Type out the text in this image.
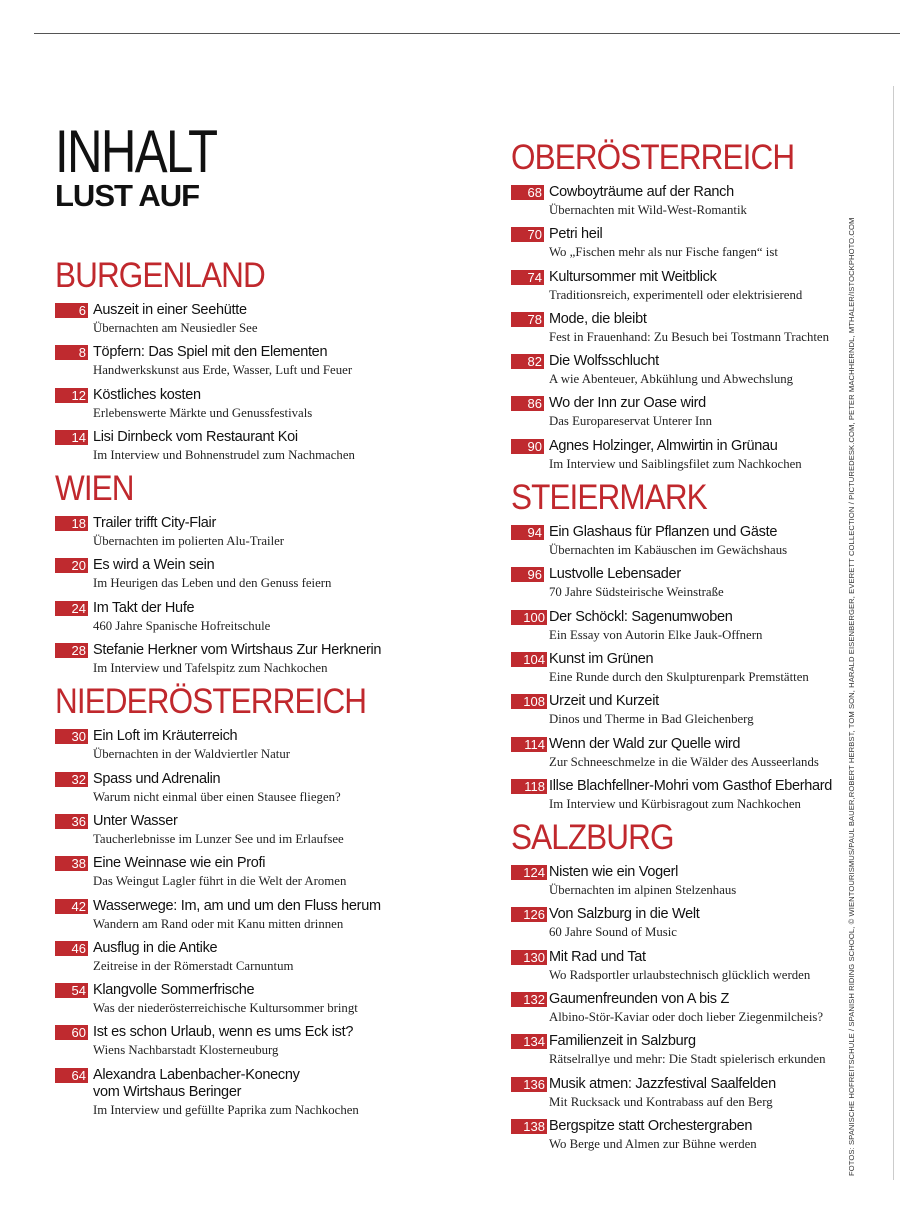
INHALT
LUST AUF
BURGENLAND
6 Auszeit in einer Seehütte
Übernachten am Neusiedler See
8 Töpfern: Das Spiel mit den Elementen
Handwerkskunst aus Erde, Wasser, Luft und Feuer
12 Köstliches kosten
Erlebenswerte Märkte und Genussfestivals
14 Lisi Dirnbeck vom Restaurant Koi
Im Interview und Bohnenstrudel zum Nachmachen
WIEN
18 Trailer trifft City-Flair
Übernachten im polierten Alu-Trailer
20 Es wird a Wein sein
Im Heurigen das Leben und den Genuss feiern
24 Im Takt der Hufe
460 Jahre Spanische Hofreitschule
28 Stefanie Herkner vom Wirtshaus Zur Herknerin
Im Interview und Tafelspitz zum Nachkochen
NIEDERÖSTERREICH
30 Ein Loft im Kräuterreich
Übernachten in der Waldviertler Natur
32 Spass und Adrenalin
Warum nicht einmal über einen Stausee fliegen?
36 Unter Wasser
Taucherlebnisse im Lunzer See und im Erlaufsee
38 Eine Weinnase wie ein Profi
Das Weingut Lagler führt in die Welt der Aromen
42 Wasserwege: Im, am und um den Fluss herum
Wandern am Rand oder mit Kanu mitten drinnen
46 Ausflug in die Antike
Zeitreise in der Römerstadt Carnuntum
54 Klangvolle Sommerfrische
Was der niederösterreichische Kultursommer bringt
60 Ist es schon Urlaub, wenn es ums Eck ist?
Wiens Nachbarstadt Klosterneuburg
64 Alexandra Labenbacher-Konecny
vom Wirtshaus Beringer
Im Interview und gefüllte Paprika zum Nachkochen
OBERÖSTERREICH
68 Cowboyträume auf der Ranch
Übernachten mit Wild-West-Romantik
70 Petri heil
Wo „Fischen mehr als nur Fische fangen“ ist
74 Kultursommer mit Weitblick
Traditionsreich, experimentell oder elektrisierend
78 Mode, die bleibt
Fest in Frauenhand: Zu Besuch bei Tostmann Trachten
82 Die Wolfsschlucht
A wie Abenteuer, Abkühlung und Abwechslung
86 Wo der Inn zur Oase wird
Das Europareservat Unterer Inn
90 Agnes Holzinger, Almwirtin in Grünau
Im Interview und Saiblingsfilet zum Nachkochen
STEIERMARK
94 Ein Glashaus für Pflanzen und Gäste
Übernachten im Kabäuschen im Gewächshaus
96 Lustvolle Lebensader
70 Jahre Südsteirische Weinstraße
100 Der Schöckl: Sagenumwoben
Ein Essay von Autorin Elke Jauk-Offnern
104 Kunst im Grünen
Eine Runde durch den Skulpturenpark Premstätten
108 Urzeit und Kurzeit
Dinos und Therme in Bad Gleichenberg
114 Wenn der Wald zur Quelle wird
Zur Schneeschmelze in die Wälder des Ausseerlands
118 Illse Blachfellner-Mohri vom Gasthof Eberhard
Im Interview und Kürbisragout zum Nachkochen
SALZBURG
124 Nisten wie ein Vogerl
Übernachten im alpinen Stelzenhaus
126 Von Salzburg in die Welt
60 Jahre Sound of Music
130 Mit Rad und Tat
Wo Radsportler urlaubstechnisch glücklich werden
132 Gaumenfreunden von A bis Z
Albino-Stör-Kaviar oder doch lieber Ziegenmilcheis?
134 Familienzeit in Salzburg
Rätselrallye und mehr: Die Stadt spielerisch erkunden
136 Musik atmen: Jazzfestival Saalfelden
Mit Rucksack und Kontrabass auf den Berg
138 Bergspitze statt Orchestergraben
Wo Berge und Almen zur Bühne werden	FOTOS: SPANISCHE HOFREITSCHULE / SPANISH RIDING SCHOOL, © WIENTOURISMUS/PAUL BAUER,ROBERT HERBST, TOM SON, HARALD EISENBERGER, EVERETT COLLECTION / PICTUREDESK.COM, PETER MACHHERNDL, MTHALER/ISTOCKPHOTO.COM
